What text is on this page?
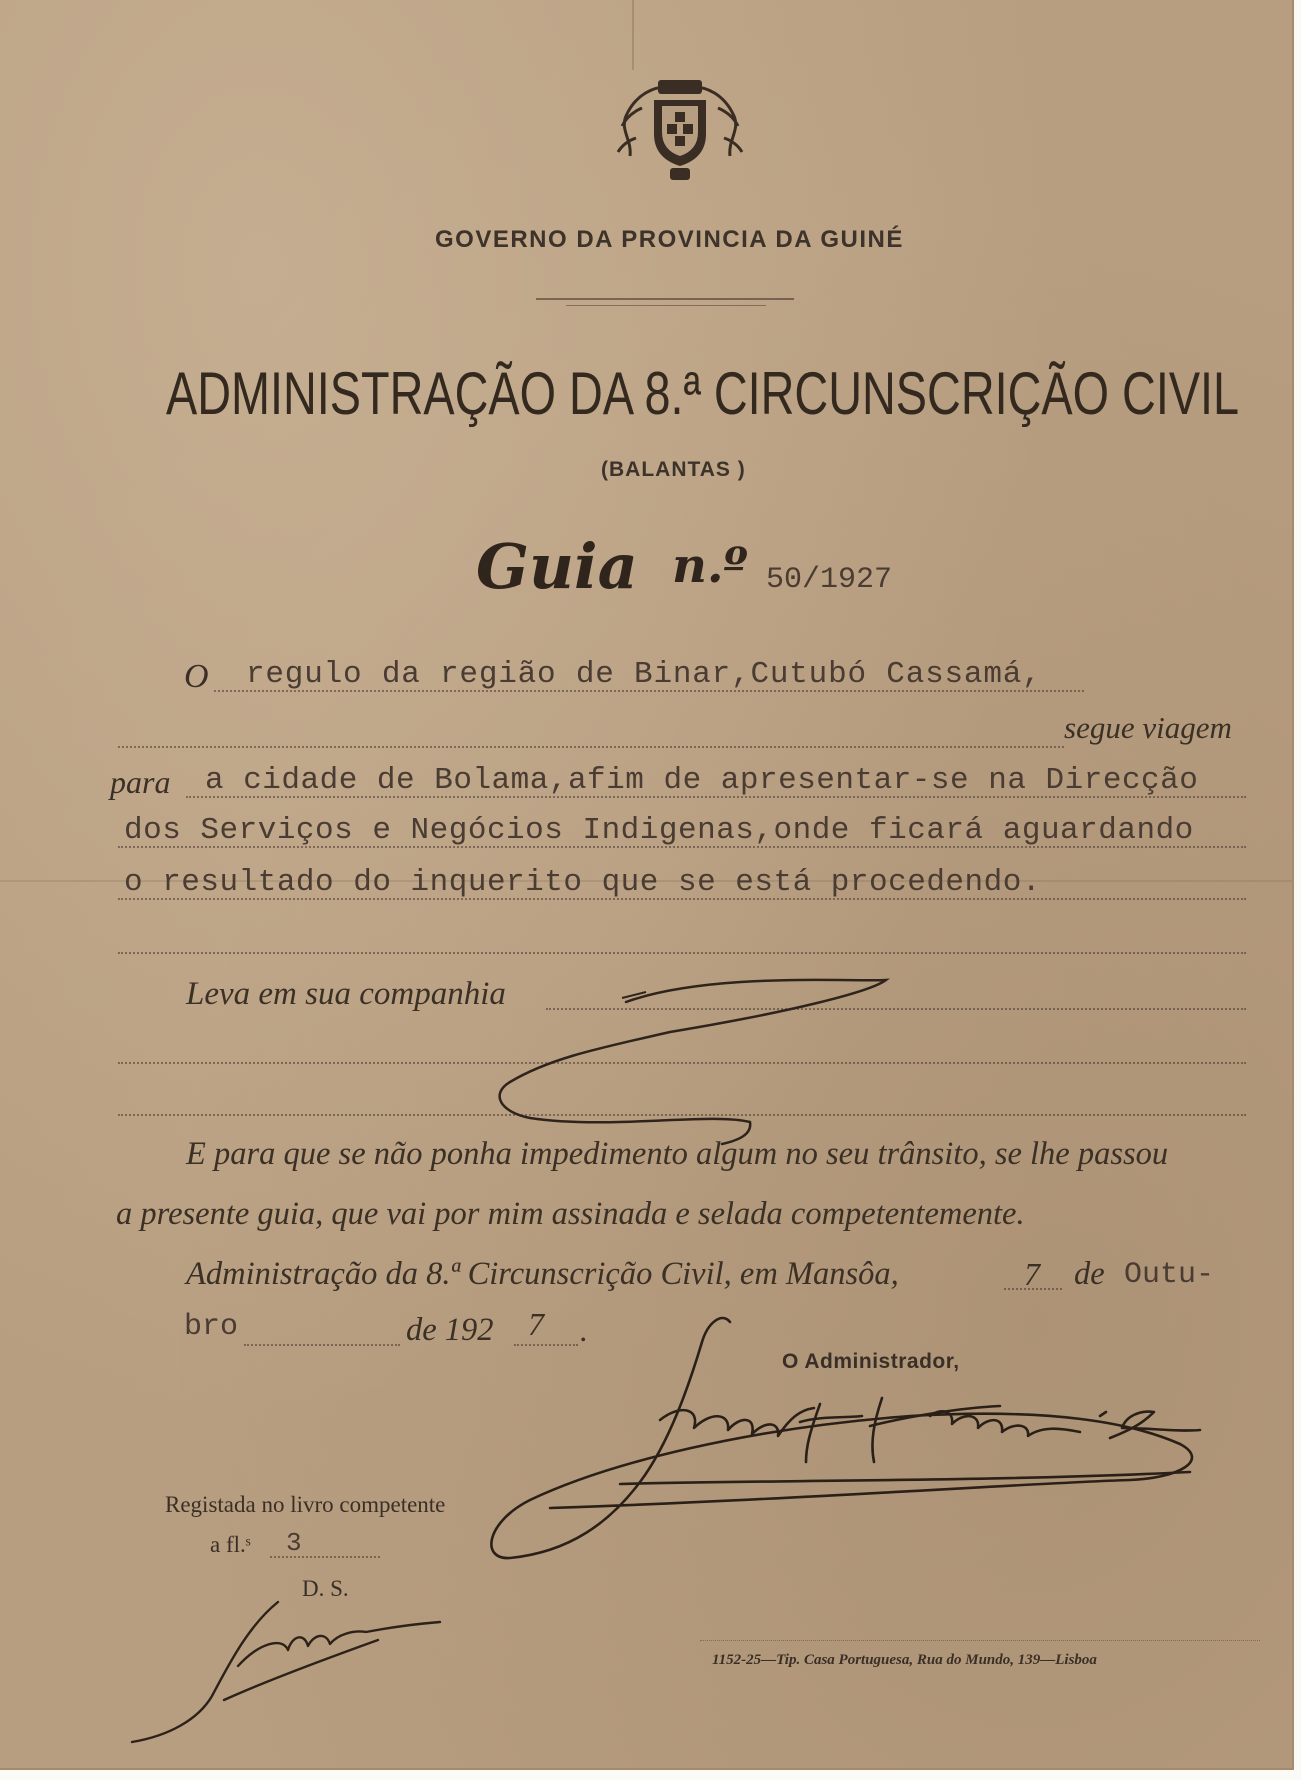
GOVERNO DA PROVINCIA DA GUINÉ
ADMINISTRAÇÃO DA 8.ª CIRCUNSCRIÇÃO CIVIL
(BALANTAS )
Guia n.º 50/1927
O regulo da região de Binar,Cutubó Cassamá,
segue viagem
para a cidade de Bolama,afim de apresentar-se na Direcção
dos Serviços e Negócios Indigenas,onde ficará aguardando
o resultado do inquerito que se está procedendo.
Leva em sua companhia
E para que se não ponha impedimento algum no seu trânsito, se lhe passou
a presente guia, que vai por mim assinada e selada competentemente.
Administração da 8.ª Circunscrição Civil, em Mansôa,	7 de Outu-
bro	de 192 7 .
O Administrador,
Registada no livro competente
a fl.ˢ 3
D. S.
1152-25—Tip. Casa Portuguesa, Rua do Mundo, 139—Lisboa
